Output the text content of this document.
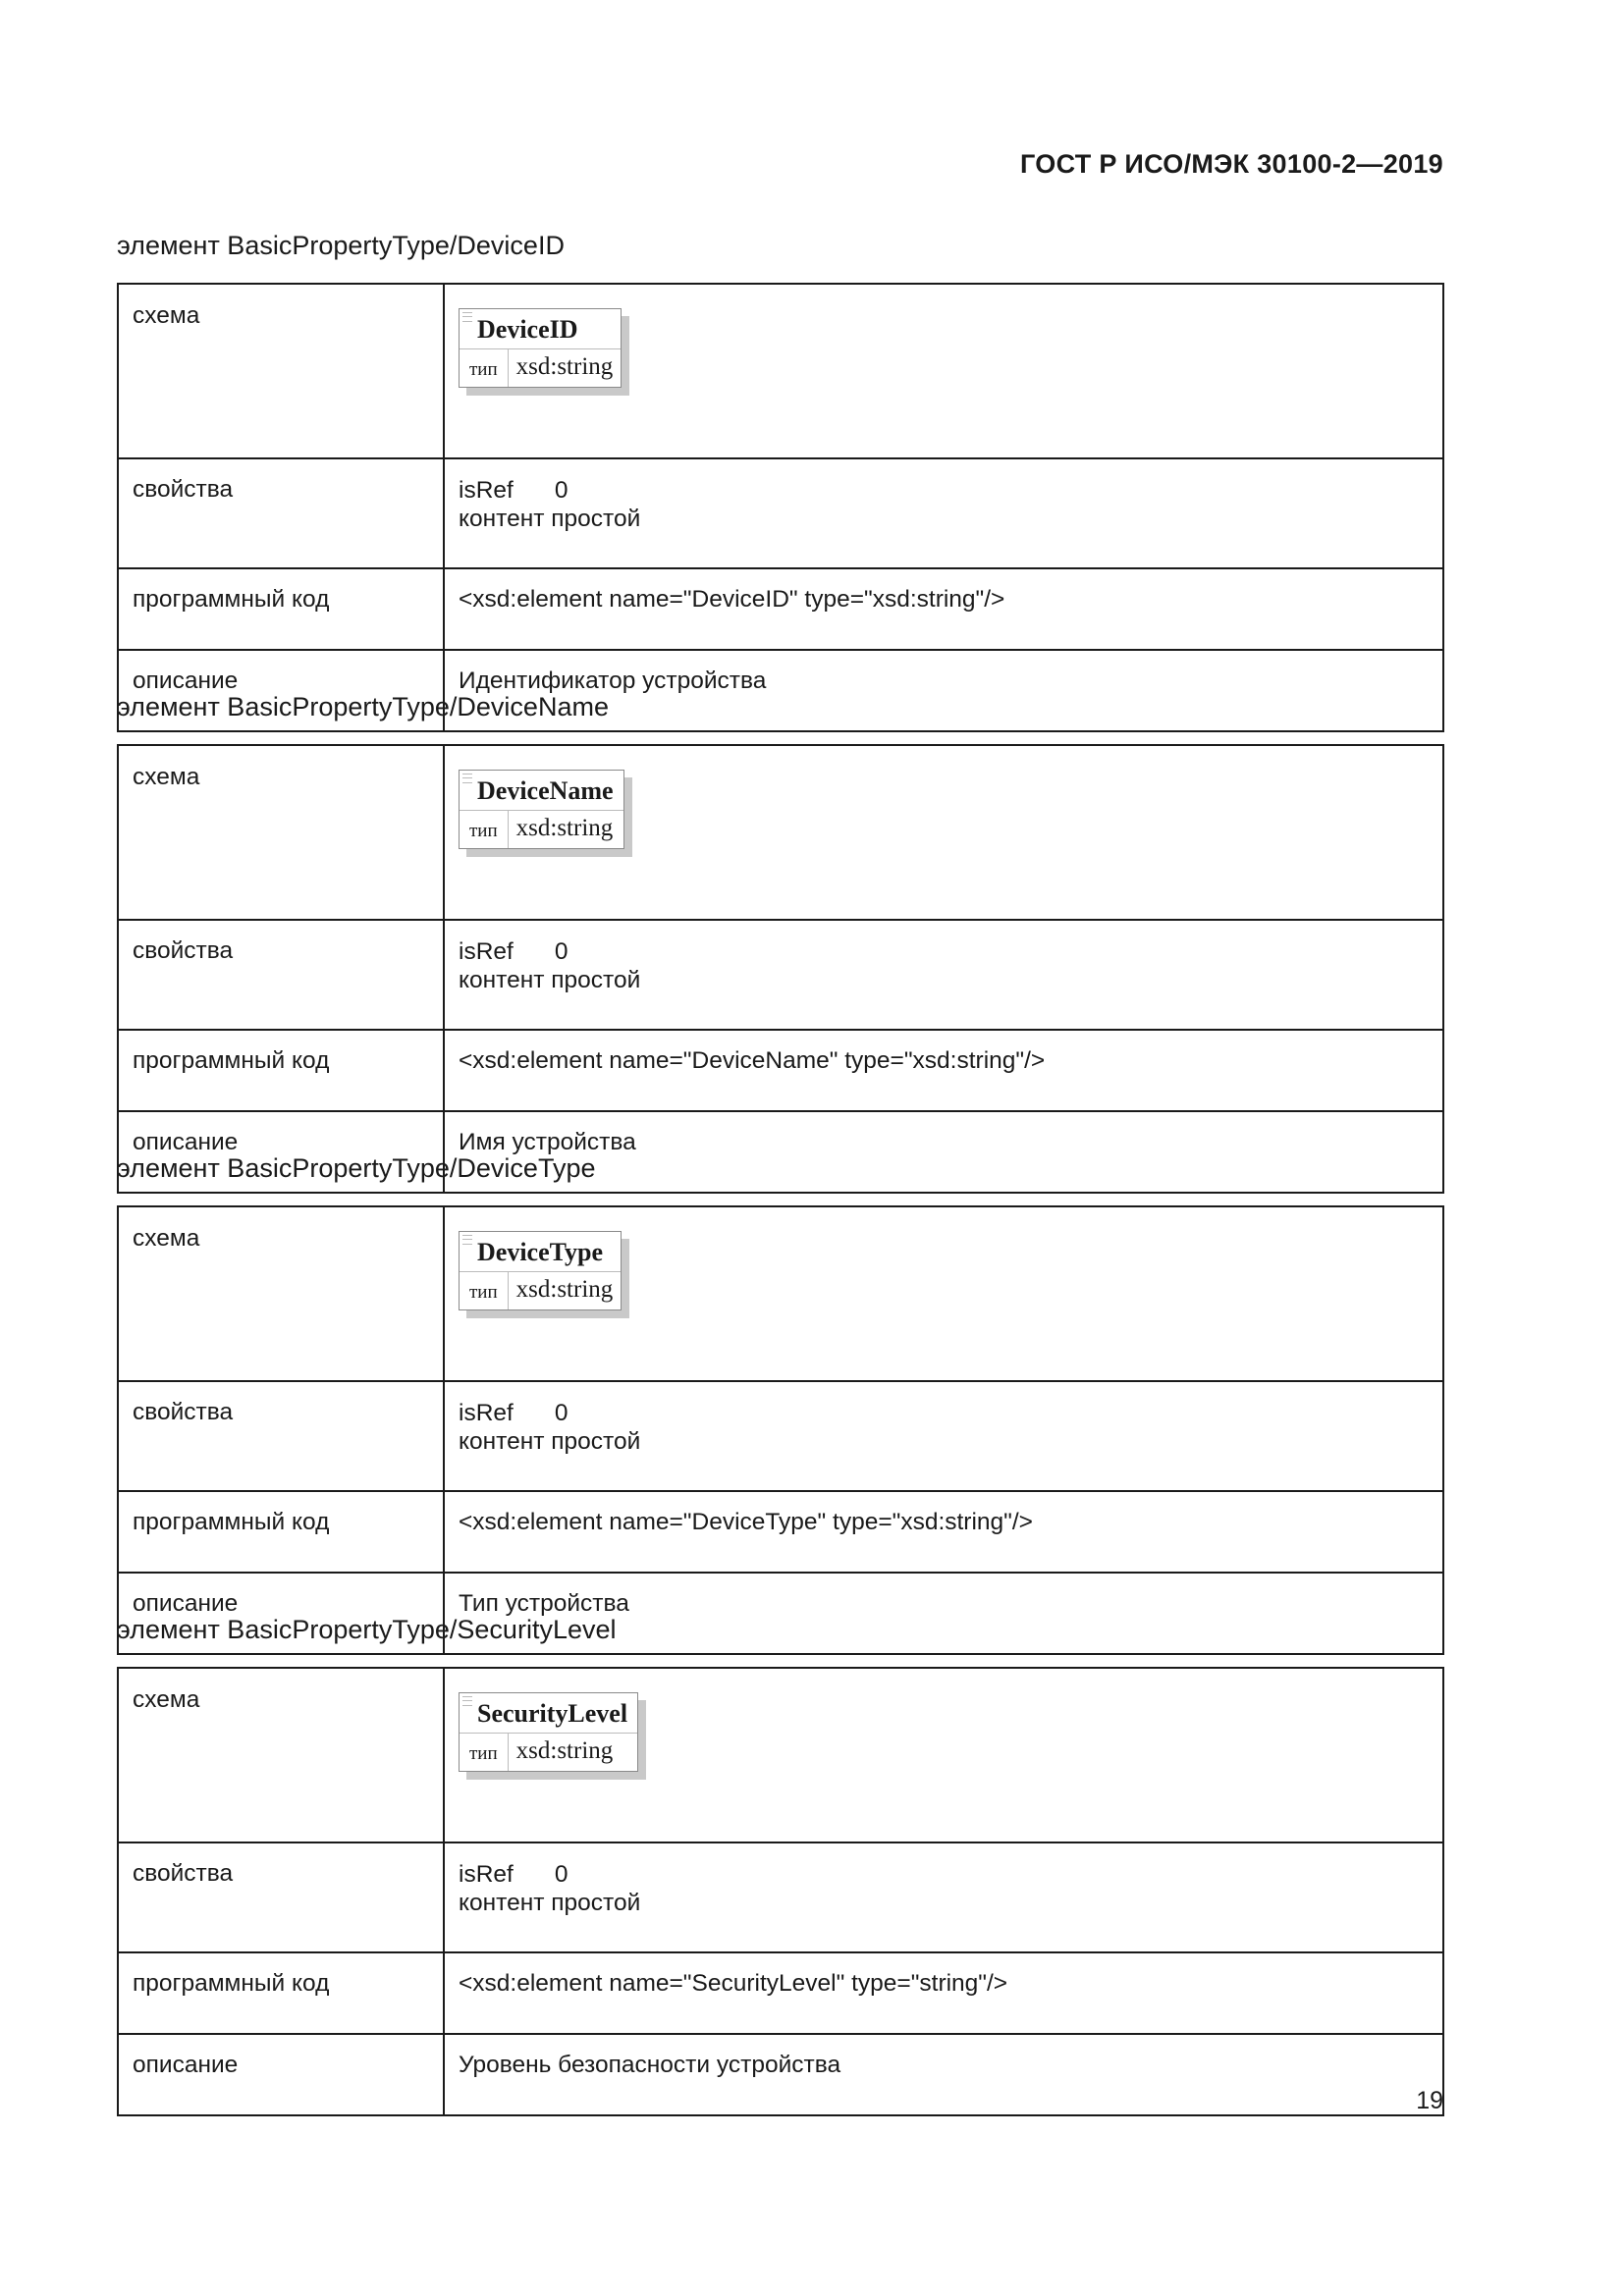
ГОСТ Р ИСО/МЭК 30100-2—2019
элемент BasicPropertyType/DeviceID
схема	DeviceID
тип xsd:string

свойства	isRef 0
контент простой

программный код	<xsd:element name="DeviceID" type="xsd:string"/>
описание	Идентификатор устройства
элемент BasicPropertyType/DeviceName
схема	DeviceName
тип xsd:string

свойства	isRef 0
контент простой

программный код	<xsd:element name="DeviceName" type="xsd:string"/>
описание	Имя устройства
элемент BasicPropertyType/DeviceType
схема	DeviceType
тип xsd:string

свойства	isRef 0
контент простой

программный код	<xsd:element name="DeviceType" type="xsd:string"/>
описание	Тип устройства
элемент BasicPropertyType/SecurityLevel
схема	SecurityLevel
тип xsd:string

свойства	isRef 0
контент простой

программный код	<xsd:element name="SecurityLevel" type="string"/>
описание	Уровень безопасности устройства
19
